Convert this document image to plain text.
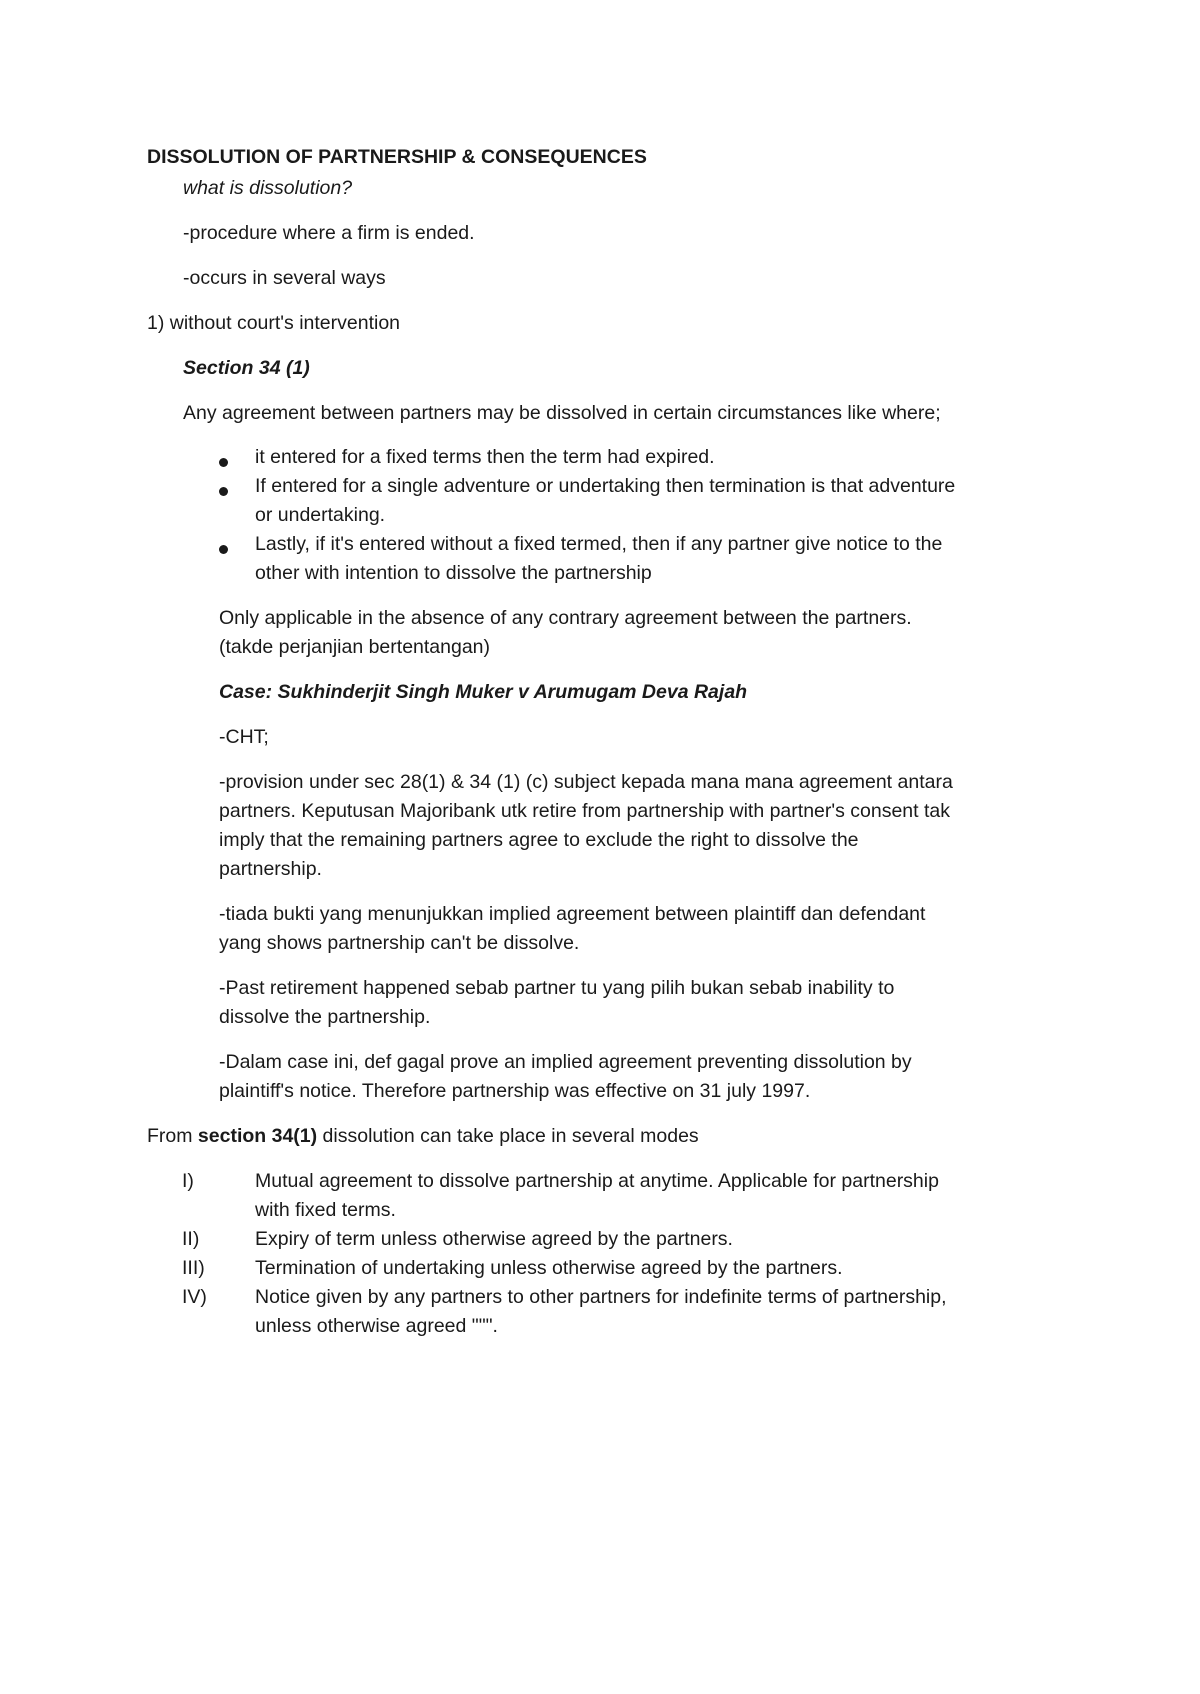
DISSOLUTION OF PARTNERSHIP & CONSEQUENCES
what is dissolution?
-procedure where a firm is ended.
-occurs in several ways
1) without court's intervention
Section 34 (1)
Any agreement between partners may be dissolved in certain circumstances like where;
it entered for a fixed terms then the term had expired.
If entered for a single adventure or undertaking then termination is that adventure
or undertaking.
Lastly, if it's entered without a fixed termed, then if any partner give notice to the
other with intention to dissolve the partnership
Only applicable in the absence of any contrary agreement between the partners.
(takde perjanjian bertentangan)
Case: Sukhinderjit Singh Muker v Arumugam Deva Rajah
-CHT;
-provision under sec 28(1) & 34 (1) (c) subject kepada mana mana agreement antara
partners. Keputusan Majoribank utk retire from partnership with partner's consent tak
imply that the remaining partners agree to exclude the right to dissolve the
partnership.
-tiada bukti yang menunjukkan implied agreement between plaintiff dan defendant
yang shows partnership can't be dissolve.
-Past retirement happened sebab partner tu yang pilih bukan sebab inability to
dissolve the partnership.
-Dalam case ini, def gagal prove an implied agreement preventing dissolution by
plaintiff's notice. Therefore partnership was effective on 31 july 1997.
From section 34(1) dissolution can take place in several modes
I)	Mutual agreement to dissolve partnership at anytime. Applicable for partnership
with fixed terms.
II)	Expiry of term unless otherwise agreed by the partners.
III)	Termination of undertaking unless otherwise agreed by the partners.
IV) Notice given by any partners to other partners for indefinite terms of partnership,
unless otherwise agreed """.
